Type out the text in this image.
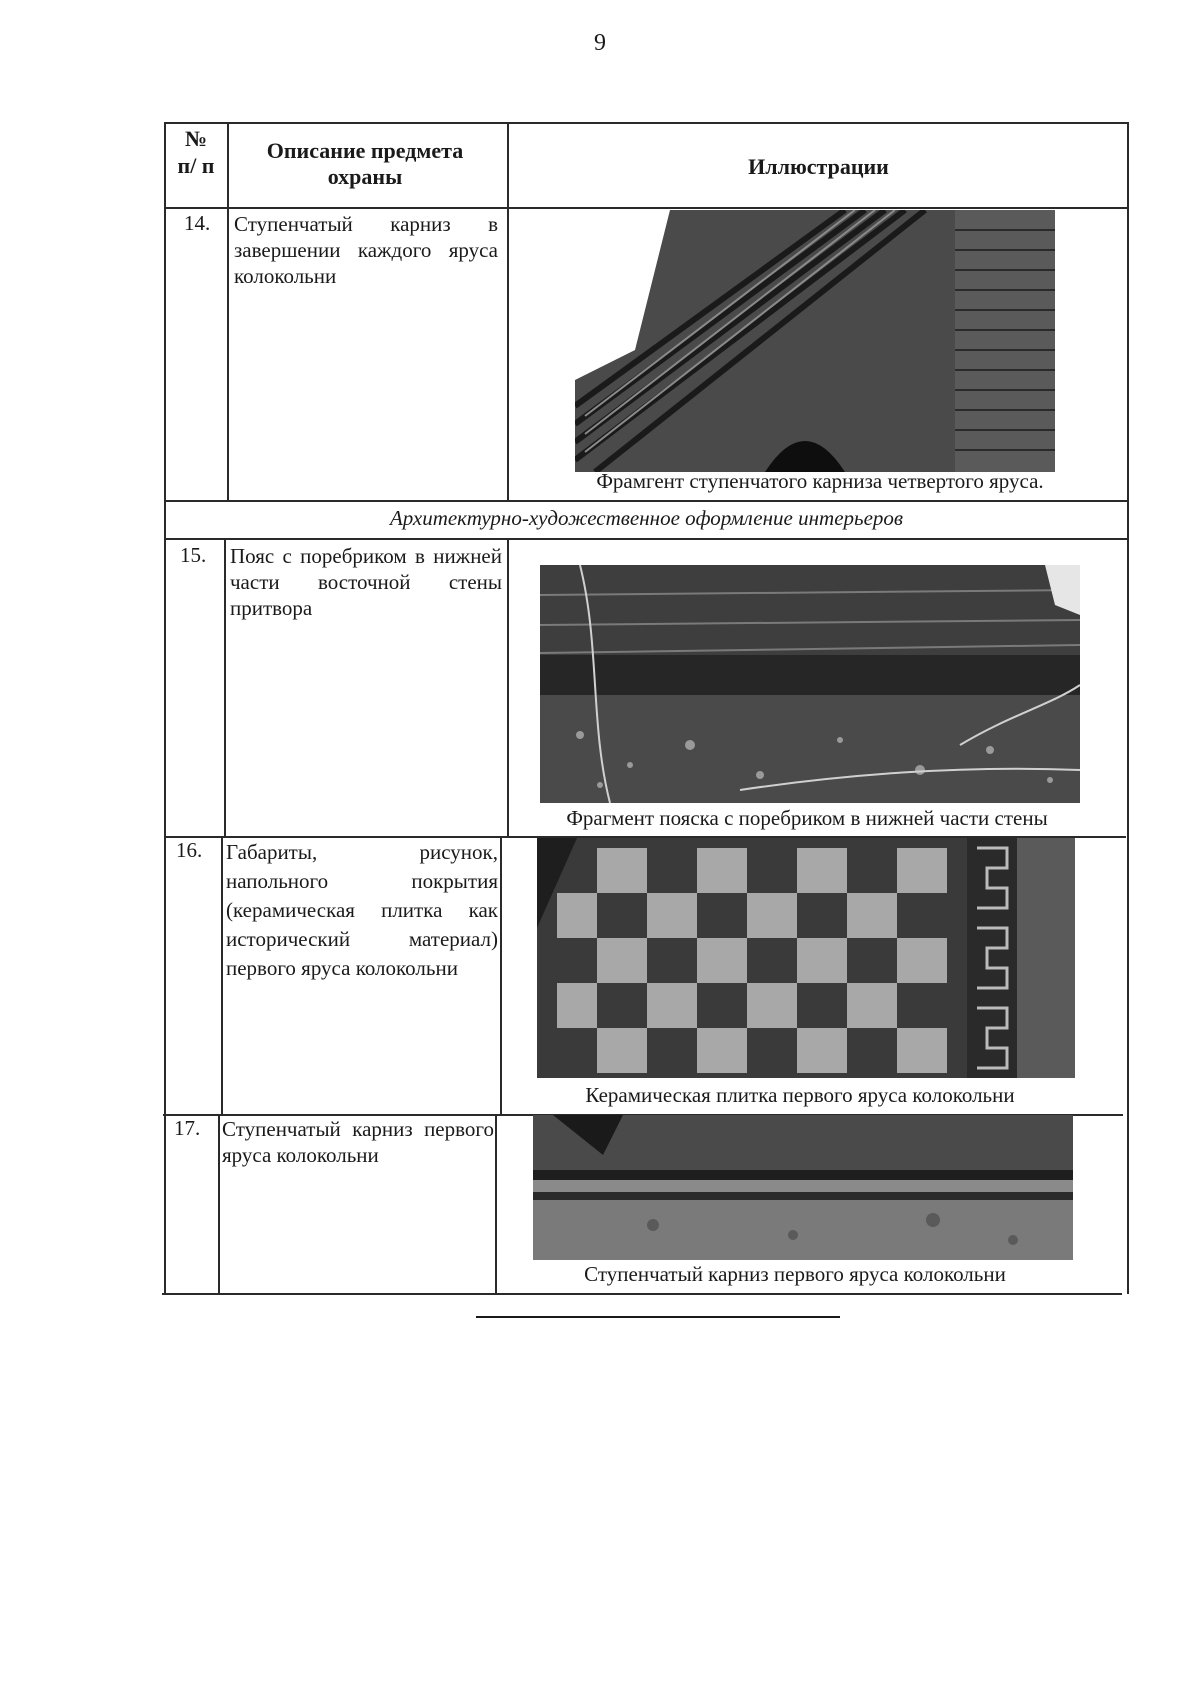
9
№ п/ п
Описание предмета охраны	Иллюстрации
14. Ступенчатый карниз в завершении каждого яруса колокольни
Фрамгент ступенчатого карниза четвертого яруса.
Архитектурно-художественное оформление интерьеров
15. Пояс с поребриком в нижней части восточной стены притвора
Фрагмент пояска с поребриком в нижней части стены
16. Габариты, рисунок, напольного покрытия (керамическая плитка как исторический материал) первого яруса колокольни
Керамическая плитка первого яруса колокольни
17. Ступенчатый карниз первого яруса колокольни
Ступенчатый карниз первого яруса колокольни
